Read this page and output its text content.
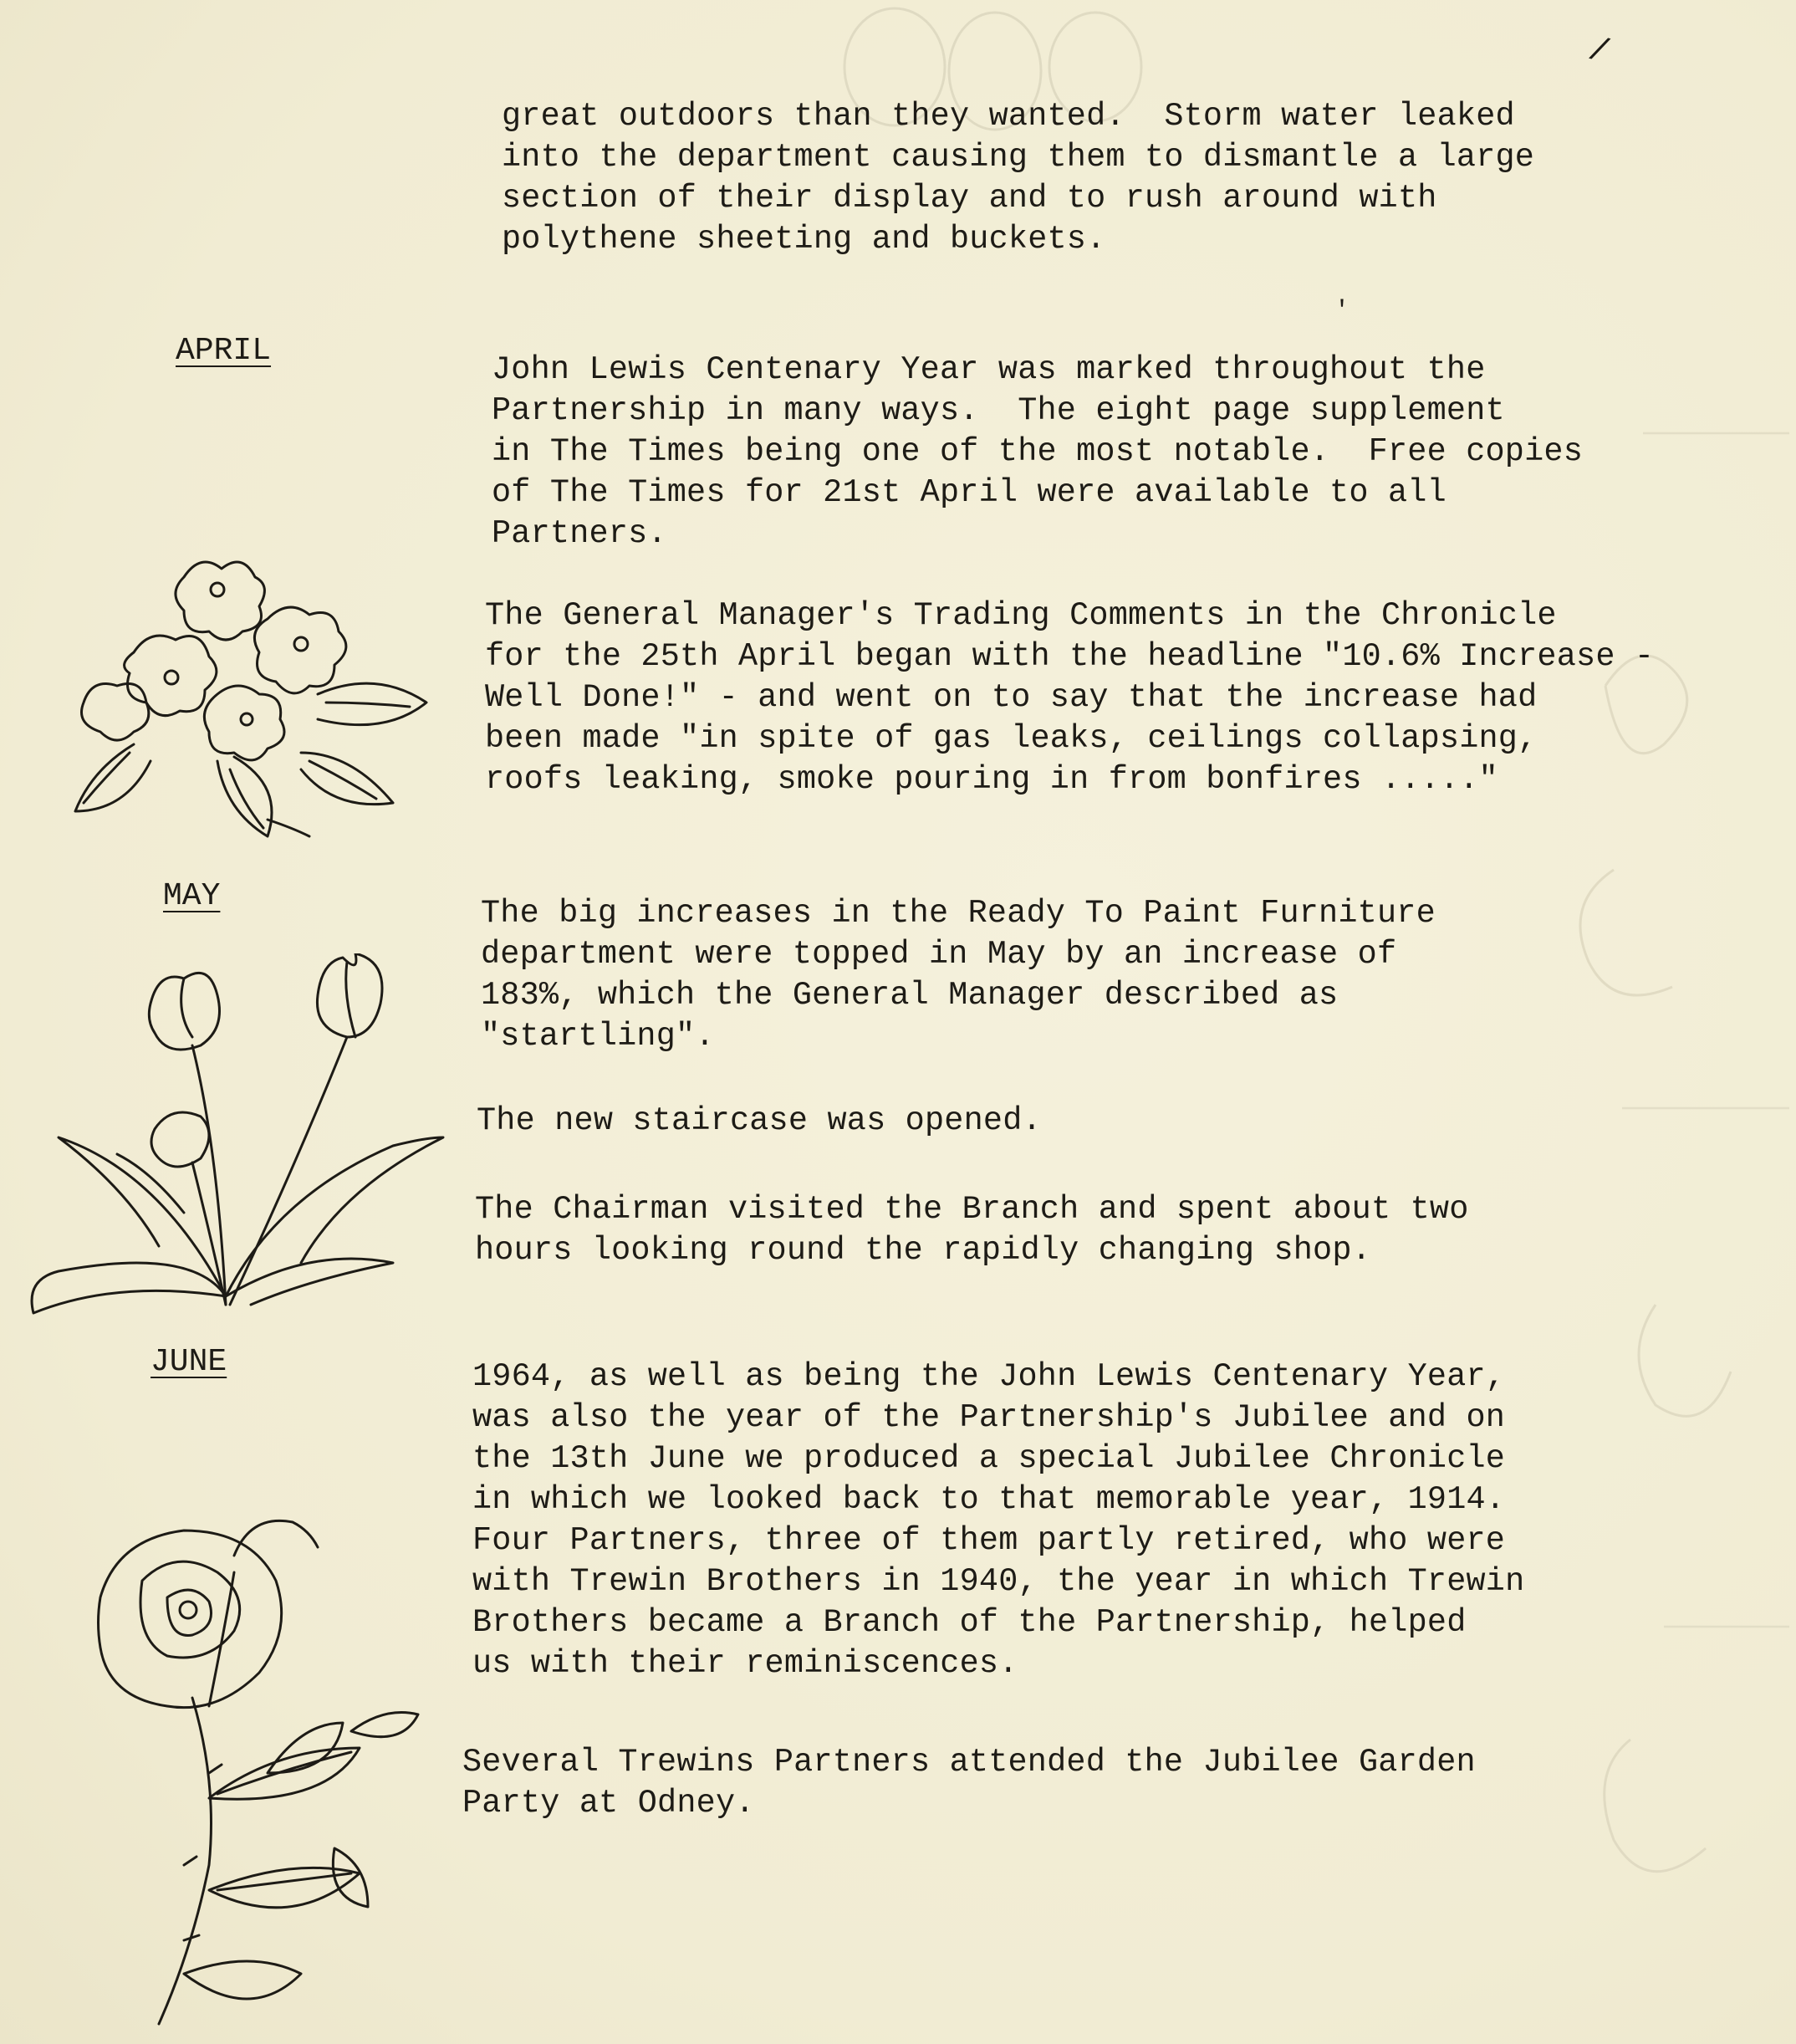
/
great outdoors than they wanted.  Storm water leaked
into the department causing them to dismantle a large
section of their display and to rush around with
polythene sheeting and buckets.
APRIL
John Lewis Centenary Year was marked throughout the
Partnership in many ways.  The eight page supplement
in The Times being one of the most notable.  Free copies
of The Times for 21st April were available to all
Partners.
The General Manager's Trading Comments in the Chronicle
for the 25th April began with the headline "10.6% Increase -
Well Done!" - and went on to say that the increase had
been made "in spite of gas leaks, ceilings collapsing,
roofs leaking, smoke pouring in from bonfires ....."
MAY	The big increases in the Ready To Paint Furniture
department were topped in May by an increase of
183%, which the General Manager described as
"startling".
The new staircase was opened.
The Chairman visited the Branch and spent about two
hours looking round the rapidly changing shop.
JUNE	1964, as well as being the John Lewis Centenary Year,
was also the year of the Partnership's Jubilee and on
the 13th June we produced a special Jubilee Chronicle
in which we looked back to that memorable year, 1914.
Four Partners, three of them partly retired, who were
with Trewin Brothers in 1940, the year in which Trewin
Brothers became a Branch of the Partnership, helped
us with their reminiscences.
Several Trewins Partners attended the Jubilee Garden
Party at Odney.
'
